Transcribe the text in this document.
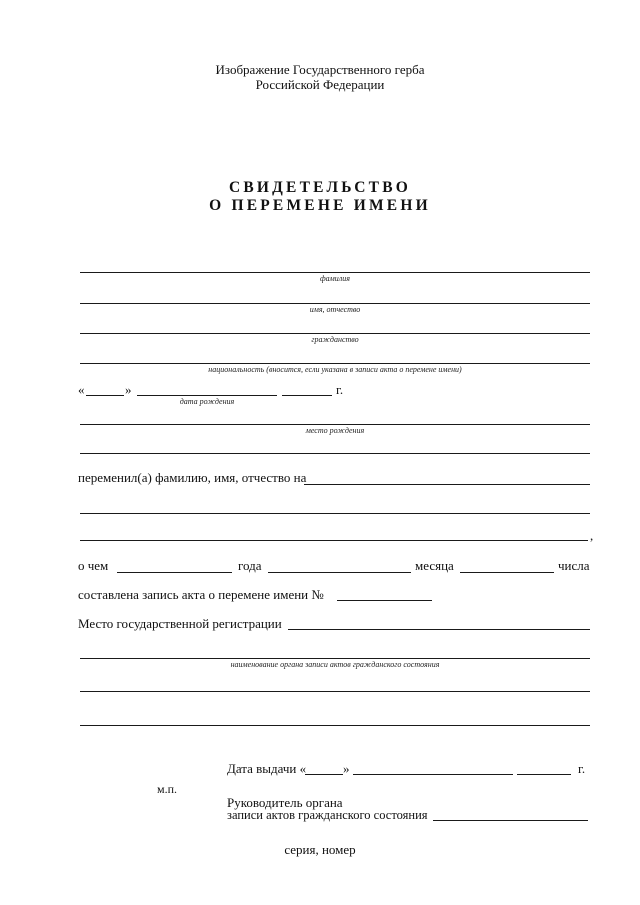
Изображение Государственного герба
Российской Федерации
СВИДЕТЕЛЬСТВО
О ПЕРЕМЕНЕ ИМЕНИ
фамилия
имя, отчество
гражданство
национальность (вносится, если указана в записи акта о перемене имени)
«	»	г.
дата рождения
место рождения
переменил(а) фамилию, имя, отчество на
,
о чем	года	месяца	числа
составлена запись акта о перемене имени №
Место государственной регистрации
наименование органа записи актов гражданского состояния
Дата выдачи «	»	г.
м.п.
Руководитель органа
записи актов гражданского состояния
серия, номер
